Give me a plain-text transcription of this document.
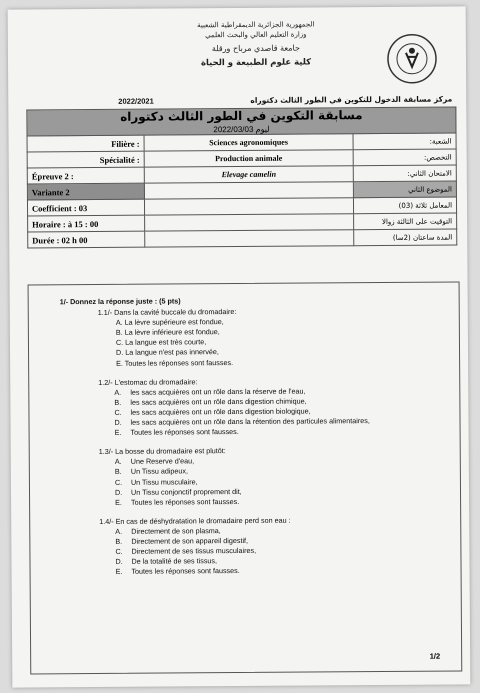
الجمهورية الجزائرية الديمقراطية الشعبية
وزارة التعليم العالي والبحث العلمي
جامعة قاصدي مرباح ورقلة
كلية علوم الطبيعة و الحياة
2022/2021	مركز مسابقة الدخول للتكوين في الطور الثالث دكتوراه
مسابقة التكوين في الطور الثالث دكتوراه
2022/03/03 ليوم		

Filière :	Sciences agronomiques	الشعبة:
Spécialité :	Production animale	التخصص:
Épreuve 2 :	Elevage camelin	الامتحان الثاني:
Variante 2		الموضوع الثاني
Coefficient : 03		المعامل ثلاثة (03)
Horaire : à 15 : 00		التوقيت على الثالثة زوالا
Durée : 02 h 00		المدة ساعتان (2سا)
1/- Donnez la réponse juste : (5 pts)
1.1/- Dans la cavité buccale du dromadaire:
A. La lèvre supérieure est fondue,
B. La lèvre inférieure est fondue,
C. La langue est très courte,
D. La langue n'est pas innervée,
E. Toutes les réponses sont fausses.
1.2/- L'estomac du dromadaire:
A. les sacs acquières ont un rôle dans la réserve de l'eau,
B. les sacs acquières ont un rôle dans digestion chimique,
C. les sacs acquières ont un rôle dans digestion biologique,
D. les sacs acquières ont un rôle dans la rétention des particules alimentaires,
E. Toutes les réponses sont fausses.
1.3/- La bosse du dromadaire est plutôt:
A. Une Reserve d'eau,
B. Un Tissu adipeux,
C. Un Tissu musculaire,
D. Un Tissu conjonctif proprement dit,
E. Toutes les réponses sont fausses.
1.4/- En cas de déshydratation le dromadaire perd son eau :
A. Directement de son plasma,
B. Directement de son appareil digestif,
C. Directement de ses tissus musculaires,
D. De la totalité de ses tissus,
E. Toutes les réponses sont fausses.
1/2
